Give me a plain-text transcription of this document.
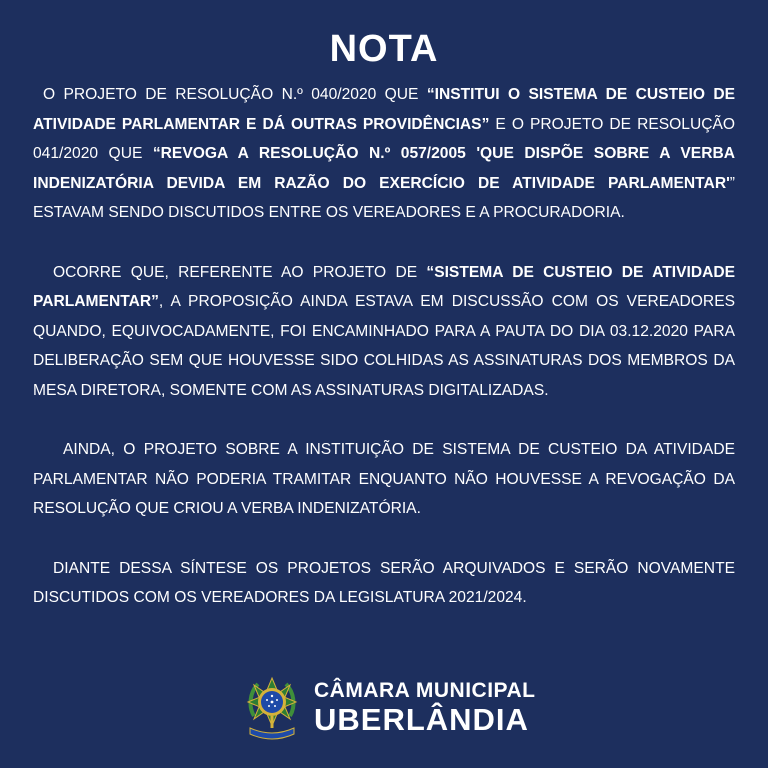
NOTA

O PROJETO DE RESOLUÇÃO N.º 040/2020 QUE “INSTITUI O SISTEMA DE CUSTEIO DE ATIVIDADE PARLAMENTAR E DÁ OUTRAS PROVIDÊNCIAS” E O PROJETO DE RESOLUÇÃO 041/2020 QUE “REVOGA A RESOLUÇÃO N.º 057/2005 'QUE DISPÕE SOBRE A VERBA INDENIZATÓRIA DEVIDA EM RAZÃO DO EXERCÍCIO DE ATIVIDADE PARLAMENTAR'” ESTAVAM SENDO DISCUTIDOS ENTRE OS VEREADORES E A PROCURADORIA.

OCORRE QUE, REFERENTE AO PROJETO DE “SISTEMA DE CUSTEIO DE ATIVIDADE PARLAMENTAR”, A PROPOSIÇÃO AINDA ESTAVA EM DISCUSSÃO COM OS VEREADORES QUANDO, EQUIVOCADAMENTE, FOI ENCAMINHADO PARA A PAUTA DO DIA 03.12.2020 PARA DELIBERAÇÃO SEM QUE HOUVESSE SIDO COLHIDAS AS ASSINATURAS DOS MEMBROS DA MESA DIRETORA, SOMENTE COM AS ASSINATURAS DIGITALIZADAS.

AINDA, O PROJETO SOBRE A INSTITUIÇÃO DE SISTEMA DE CUSTEIO DA ATIVIDADE PARLAMENTAR NÃO PODERIA TRAMITAR ENQUANTO NÃO HOUVESSE A REVOGAÇÃO DA RESOLUÇÃO QUE CRIOU A VERBA INDENIZATÓRIA.

DIANTE DESSA SÍNTESE OS PROJETOS SERÃO ARQUIVADOS E SERÃO NOVAMENTE DISCUTIDOS COM OS VEREADORES DA LEGISLATURA 2021/2024.

CÂMARA MUNICIPAL
UBERLÂNDIA
